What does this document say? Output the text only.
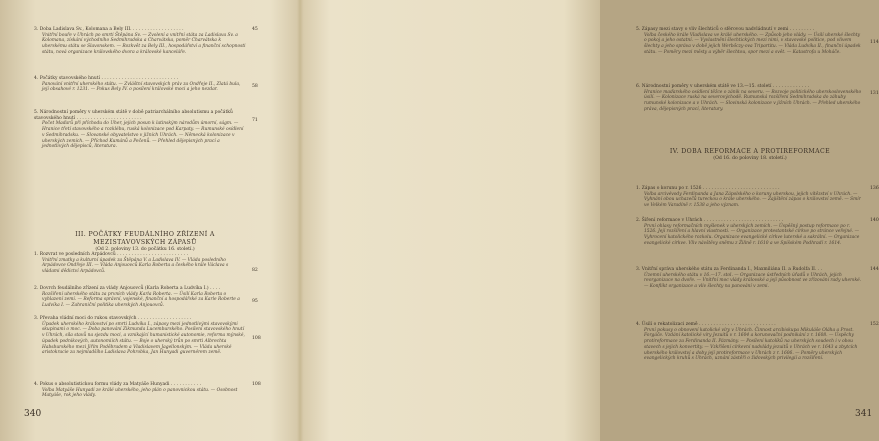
III. POČÁTKY FEUDÁLNÍHO ZŘÍZENÍ A MEZISTAVOVSKÝCH ZÁPASŮ
(Od 2. poloviny 13. do počátku 16. století.)
340
3. Doba Ladislava Sv., Kolomana a Bely III. . . . . . . . . . . . . . . . . . .
Vnitřní bouře v Uhrách po smrti Štěpána Sv. — Zvolení a vnitřní státa za Ladislava Sv. a Kolomana, získání východního Sedmihradska a Charvátska, poměr Charvátska k uherskému státu se Slavonskem. — Rozkvět za Bely III., hospodářství a finanční schopnosti státu, nová organizace královského dvora a královské kanceláře.
45
4. Počátky stavovského hnutí . . . . . . . . . . . . . . . . . . . . . . . . . . .
Panování vnitřní uherského státu. — Zvláštní stavovských práv za Ondřeje II., Zlatá bula, její obsahové r. 1231. — Pokus Bely IV. o posílení královské moci a jeho nezdar.
58
5. Národnostní poměry v uherském státě v době patriarchálního absolutismu a počátků stavovského hnutí . . . . . . . . . . . . . . . . . . . . . . .
Počet Maďarů při příchodu do Uher, jejich posun k latinským národům úmorní, ságm. — Hranice třetí stavovského a rozklébu, ruská kolonizace pod Karpaty. — Rumunské osídlení v Sedmihradsku. — Slovanské obyvatelstvo v jižních Uhrách. — Německá kolonizace v uherských zemích. — Příchod Kumánů a Pečenů. — Přehled dějepisných prací a jednotlivých dějepisců, literatura.
71
1. Rozvrat ve posledních Arpádovců . . . . . . . . . . . . . . . . . . . . . . . . .
Vnitřní zmatky a kulturní úpadek za Štěpána V. a Ladislava IV. — Vláda posledního Arpádovce Ondřeje III. — Vláda Anjouovců Karla Roberta a českého krále Václava s vládami dědictví Arpádovců.	82
2. Dovrch feudálního zřízení za vlády Anjouovců (Karla Roberta a Ludvíka I.) . . . .
Rozšíření uherského státu za prvních vlády Karla Roberta. — Úsilí Karla Roberta o vyhlazení zemí. — Reforma správní, vojenské, finanční a hospodářské za Karle Roberte a Ludvíka I. — Zahraniční politika uherských Anjouovců.
95
3. Převaha vládní moci do rukou stavovských . . . . . . . . . . . . . . . . . . .
Úpadek uherského království po smrti Ludvíka I., zápasy mezi jednotlivými stavovskými skupinami o moc. — Doba panování Zikmunda Lucemburského. Posílení stavovského hnutí v Uhrách, síla stavů na sjezdu moci, a vznikající humanistické autonomie, reforma mýnské, úpadek podnikových, autonomiích státu. — Boje o uherský trůn po smrti Albrechta Habsburského mezi Jiřím Poděbradem a Vladislavem Jagellonským. — Vláda uherské aristokracie za nejmladšího Ladislava Pohrobka, Jan Hunyadi guvernérem země.
108
4. Pokus o absolutistickou formu vlády za Matyáše Hunyadi . . . . . . . . . . .
Volba Matyáše Hunyadi ze králé uherského, jeho plán o panovnickou státu. — Osobnost Matyáše, rok jeho vlády.
108
IV. DOBA REFORMACE A PROTIREFORMACE
(Od 16. do poloviny 18. století.)
341
5. Zápasy mezi stavy o vliv šlechticů o sférovou nadvládnutí v zemi . . . . . . . . .
Volba českého krále Vladislava ve králé uherského. — Způsob jeho vlády. — Úsilí uherské šlechty o pokoj a jeho ostatní. — Vyvlastnění šlechtických mezi nimi, v stavovské politice, pod vlivem šlechty a jeho správa v době jejich Werbőczy-ova Tripartitu. — Vláda Ludvíka II., finanční úpadek státu. — Poměry mezi městy a výběr šlechtou, spor mezi a svět. — Katastrofa u Moháče.
114
6. Národnostní poměry v uherském státě ve 13.—15. století . . . . . . . . . . . . .
Hranice maďarského osídlení těžce o zánik na severu. — Rozvoje politického uherskoslovenského úsilí. — Kolonizace ruská na severovýchodě. Rumunská rozšíření Sedmihradska do záhuby rumunské kolonizace a v Uhrách. — Slovinská kolonizace v jižních Uhrách. — Přehled uherského práva, dějepisných prací, literatury.
131
1. Zápas o korunu po r. 1526 . . . . . . . . . . . . . . . . . . . . . . . . . . .
Volba arcivévody Ferdinanda a Jana Zápolského o koruny uherskou, jejich vítězství v Uhrách. — Vyhnání obou uchazečů tureckou o krále uherského. — Zajištění zápas o království země. — Smír ve Velkém Varadíně r. 1538 a jeho význam.
136
2. Šíření reformace v Uhrách . . . . . . . . . . . . . . . . . . . . . . . . . . . .
První ohlasy reformačních myšlenek v uherských zemích. — Úspěšný postup reformace po r. 1526. Její rozšíření a hlavní vlastnosti. — Organizace protestantské církve po stránce veřejné. — Vyhrocení katolického rozkolu. Organizace evangelické církve luterské a sakrální. — Organizace evangelické církve. Vliv návštěvy sněmu z Žilině r. 1610 a ve Spišském Podhradí r. 1614.
140
3. Vnitřní správa uherského státu za Ferdinanda I., Maxmiliána II. a Rudolfa II. . .
Územní uherského státu v 16.—17. stol. — Organizace ústředních úřadů v Uhrách, jejich reorganizace na dvoře. — Vnitřní moc vlády královské a její působnost ve zřizování rady uherské. — Konflikt organizace a vliv šlechty na panování v zemi.
144
4. Úsilí o rekatolizaci země . . . . . . . . . . . . . . . . . . . . . . . . . . .
První pokusy o obnovení katolické víry v Uhrách. Činnost arcibiskupa Mikuláše Oláha a Prost. Forgáče. Vzdání katolické víry Jezuitů v r. 1604 a korunovační podnikání z r. 1608. — Úspěchy protireformace za Ferdinanda II. Pázmány. — Posílení katolíků na uherských soudech i v obou stavech s jejich konvertity. — Vzkříšení církevní nadvlády jezuitů v Uhrách ve r. 1643 a zbytcích uherského království a doby její protireformace v Uhrách z r. 1606. — Poměry uherských evangelických kruhů s Uhrách, uznání zástěři o židovských privilegií a rozšíření.
152
